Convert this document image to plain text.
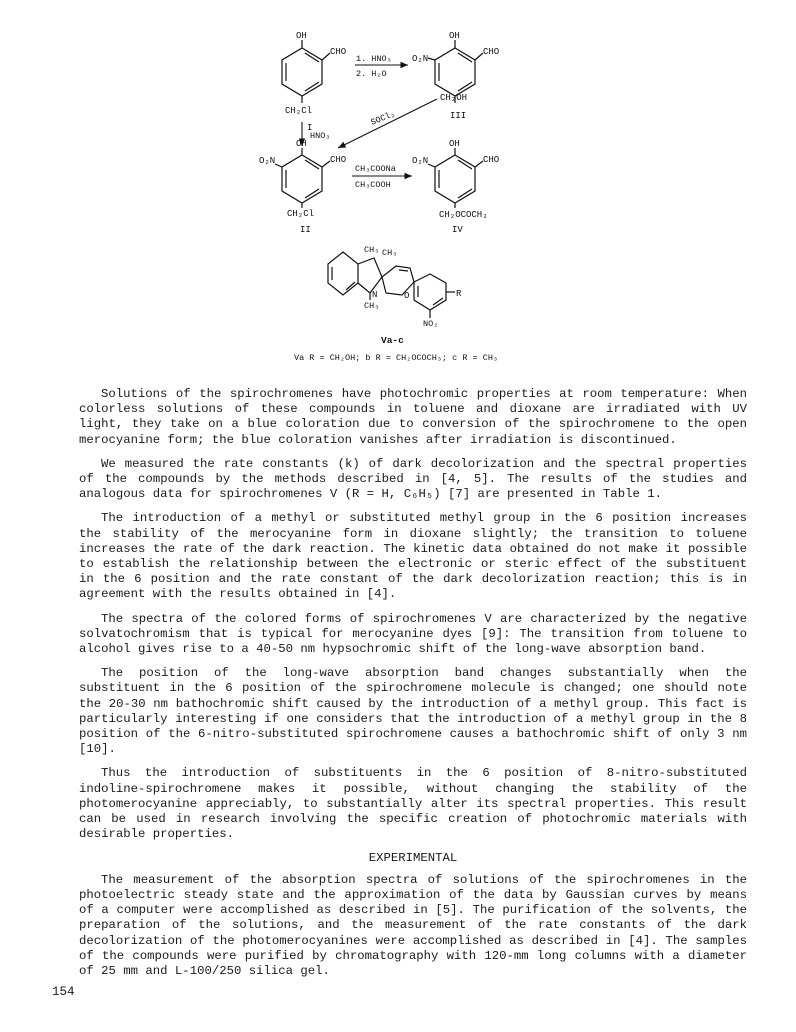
OH
CHO
CH₂Cl
I
1. HNO₃
2. H₂O
OH
CHO
O₂N
CH₂OH
III
HNO₃
SOCl₂
OH
CHO
O₂N
CH₂Cl
II
CH₃COONa
CH₃COOH
OH
CHO
O₂N
CH₂OCOCH₃
IV
CH₃ CH₃
N
CH₃
O	R
NO₂
Va-c
Va R = CH₂OH; b R = CH₂OCOCH₃; c R = CH₃

Solutions of the spirochromenes have photochromic properties at room temperature: When colorless solutions of these compounds in toluene and dioxane are irradiated with UV light, they take on a blue coloration due to conversion of the spirochromene to the open merocyanine form; the blue coloration vanishes after irradiation is discontinued.

We measured the rate constants (k) of dark decolorization and the spectral properties of the compounds by the methods described in [4, 5]. The results of the studies and analogous data for spirochromenes V (R = H, C₆H₅) [7] are presented in Table 1.

The introduction of a methyl or substituted methyl group in the 6 position increases the stability of the merocyanine form in dioxane slightly; the transition to toluene increases the rate of the dark reaction. The kinetic data obtained do not make it possible to establish the relationship between the electronic or steric effect of the substituent in the 6 position and the rate constant of the dark decolorization reaction; this is in agreement with the results obtained in [4].

The spectra of the colored forms of spirochromenes V are characterized by the negative solvatochromism that is typical for merocyanine dyes [9]: The transition from toluene to alcohol gives rise to a 40-50 nm hypsochromic shift of the long-wave absorption band.

The position of the long-wave absorption band changes substantially when the substituent in the 6 position of the spirochromene molecule is changed; one should note the 20-30 nm bathochromic shift caused by the introduction of a methyl group. This fact is particularly interesting if one considers that the introduction of a methyl group in the 8 position of the 6-nitro-substituted spirochromene causes a bathochromic shift of only 3 nm [10].

Thus the introduction of substituents in the 6 position of 8-nitro-substituted indoline-spirochromene makes it possible, without changing the stability of the photomerocyanine appreciably, to substantially alter its spectral properties. This result can be used in research involving the specific creation of photochromic materials with desirable properties.

EXPERIMENTAL

The measurement of the absorption spectra of solutions of the spirochromenes in the photoelectric steady state and the approximation of the data by Gaussian curves by means of a computer were accomplished as described in [5]. The purification of the solvents, the preparation of the solutions, and the measurement of the rate constants of the dark decolorization of the photomerocyanines were accomplished as described in [4]. The samples of the compounds were purified by chromatography with 120-mm long columns with a diameter of 25 mm and L-100/250 silica gel.

154
